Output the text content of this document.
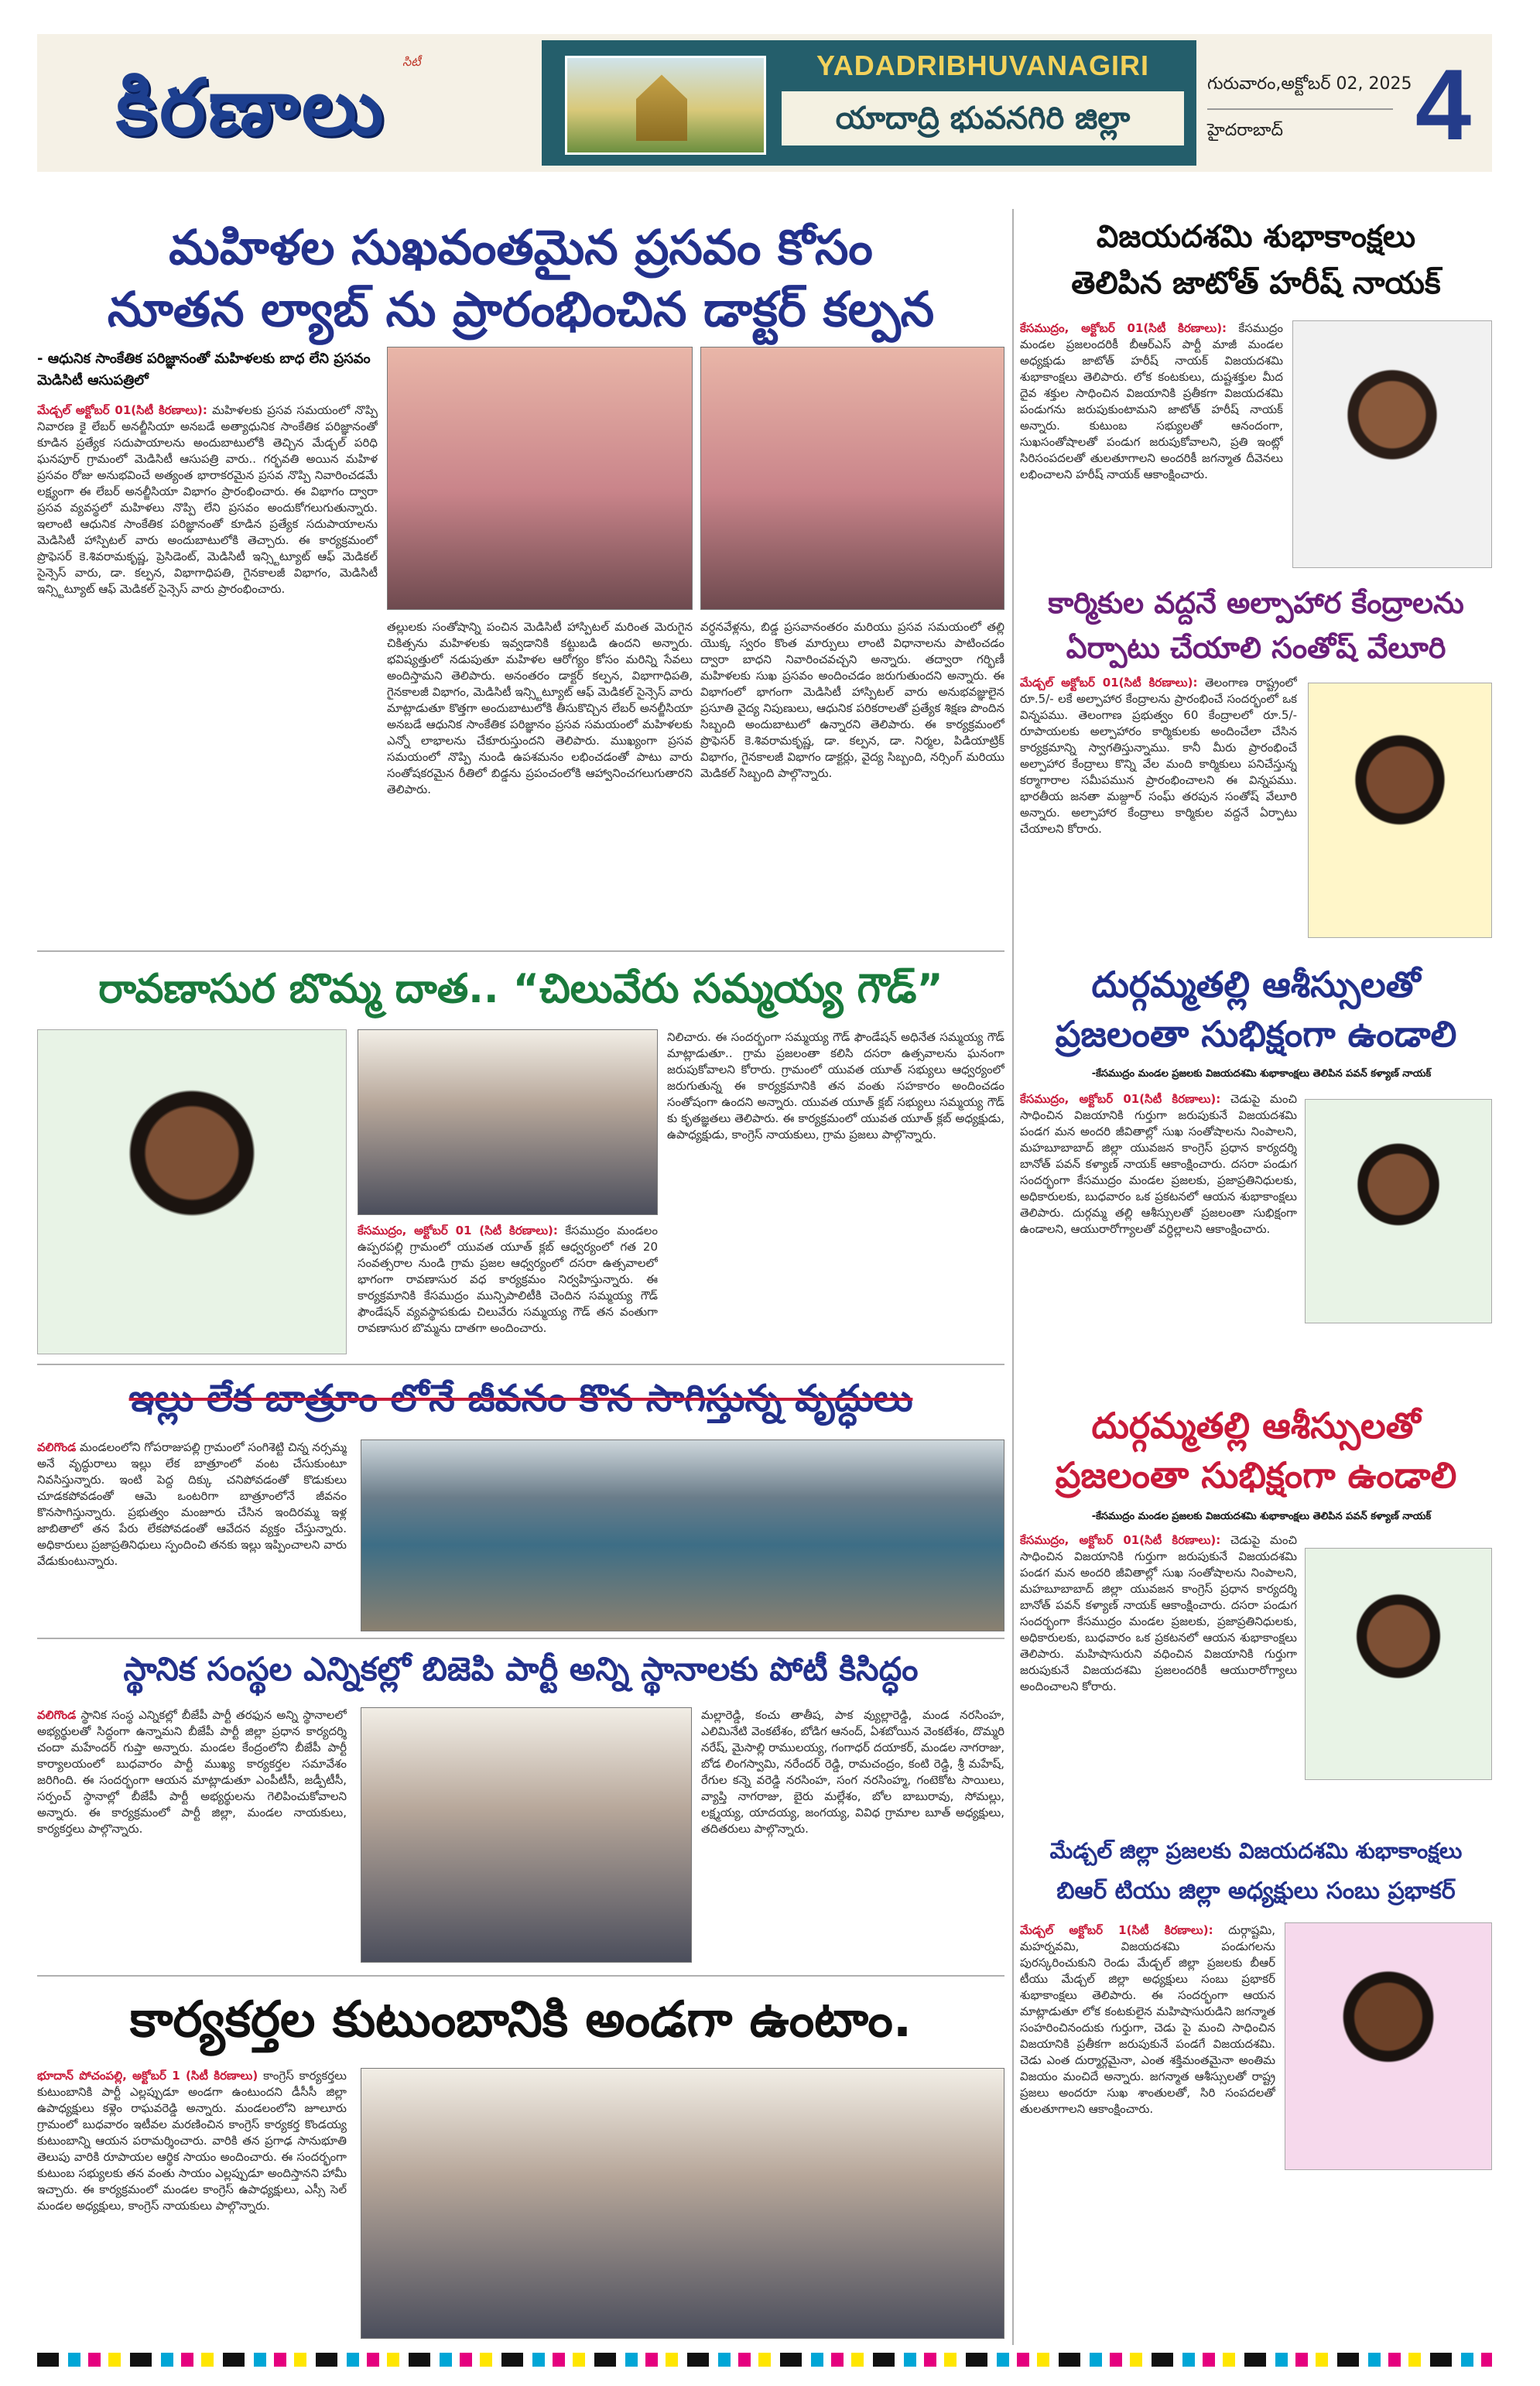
కిరణాలు	సిటీ	YADADRIBHUVANAGIRI
యాదాద్రి భువనగిరి జిల్లా
గురువారం,అక్టోబర్ 02, 2025
హైదరాబాద్ 4
మహిళల సుఖవంతమైన ప్రసవం కోసం
నూతన ల్యాబ్ ను ప్రారంభించిన డాక్టర్ కల్పన
- ఆధునిక సాంకేతిక పరిజ్ఞానంతో మహిళలకు బాధ లేని ప్రసవం మెడిసిటీ ఆసుపత్రిలో
మేడ్చల్ అక్టోబర్ 01(సిటీ కిరణాలు): మహిళలకు ప్రసవ సమయంలో నొప్పి నివారణ కై లేబర్ అనల్జీసియా అనబడే అత్యాధునిక సాంకేతిక పరిజ్ఞానంతో కూడిన ప్రత్యేక సదుపాయాలను అందుబాటులోకి తెచ్చిన మేడ్చల్ పరిధి ఘనపూర్ గ్రామంలో మెడిసిటీ ఆసుపత్రి వారు.. గర్భవతి అయిన మహిళ ప్రసవం రోజు అనుభవించే అత్యంత భారాకరమైన ప్రసవ నొప్పి నివారించడమే లక్ష్యంగా ఈ లేబర్ అనల్జీసియా విభాగం ప్రారంభించారు. ఈ విభాగం ద్వారా ప్రసవ వ్యవస్థలో మహిళలు నొప్పి లేని ప్రసవం అందుకోగలుగుతున్నారు. ఇలాంటి ఆధునిక సాంకేతిక పరిజ్ఞానంతో కూడిన ప్రత్యేక సదుపాయాలను మెడిసిటీ హాస్పిటల్ వారు అందుబాటులోకి తెచ్చారు. ఈ కార్యక్రమంలో ప్రొఫెసర్ కె.శివరామకృష్ణ, ప్రెసిడెంట్, మెడిసిటీ ఇన్స్టిట్యూట్ ఆఫ్ మెడికల్ సైన్సెస్ వారు, డా. కల్పన, విభాగాధిపతి, గైనకాలజీ విభాగం, మెడిసిటీ ఇన్స్టిట్యూట్ ఆఫ్ మెడికల్ సైన్సెస్ వారు ప్రారంభించారు.
తల్లులకు సంతోషాన్ని పంచిన మెడిసిటీ హాస్పిటల్ మరింత మెరుగైన చికిత్సను మహిళలకు ఇవ్వడానికి కట్టుబడి ఉందని అన్నారు. భవిష్యత్తులో నడుపుతూ మహిళల ఆరోగ్యం కోసం మరిన్ని సేవలు అందిస్తామని తెలిపారు. అనంతరం డాక్టర్ కల్పన, విభాగాధిపతి, గైనకాలజీ విభాగం, మెడిసిటీ ఇన్స్టిట్యూట్ ఆఫ్ మెడికల్ సైన్సెస్ వారు మాట్లాడుతూ కొత్తగా అందుబాటులోకి తీసుకొచ్చిన లేబర్ అనల్జీసియా అనబడే ఆధునిక సాంకేతిక పరిజ్ఞానం ప్రసవ సమయంలో మహిళలకు ఎన్నో లాభాలను చేకూరుస్తుందని తెలిపారు. ముఖ్యంగా ప్రసవ సమయంలో నొప్పి నుండి ఉపశమనం లభించడంతో పాటు వారు సంతోషకరమైన రీతిలో బిడ్డను ప్రపంచంలోకి ఆహ్వానించగలుగుతారని తెలిపారు.
వర్ధనవేళ్లను, బిడ్డ ప్రసవానంతరం మరియు ప్రసవ సమయంలో తల్లి యొక్క స్వరం కొంత మార్పులు లాంటి విధానాలను పాటించడం ద్వారా బాధని నివారించవచ్చని అన్నారు. తద్వారా గర్భిణీ మహిళలకు సుఖ ప్రసవం అందించడం జరుగుతుందని అన్నారు. ఈ విభాగంలో భాగంగా మెడిసిటీ హాస్పిటల్ వారు అనుభవజ్ఞులైన ప్రసూతి వైద్య నిపుణులు, ఆధునిక పరికరాలతో ప్రత్యేక శిక్షణ పొందిన సిబ్బంది అందుబాటులో ఉన్నారని తెలిపారు. ఈ కార్యక్రమంలో ప్రొఫెసర్ కె.శివరామకృష్ణ, డా. కల్పన, డా. నిర్మల, పిడియాట్రిక్ విభాగం, గైనకాలజీ విభాగం డాక్టర్లు, వైద్య సిబ్బంది, నర్సింగ్ మరియు మెడికల్ సిబ్బంది పాల్గొన్నారు.
విజయదశమి శుభాకాంక్షలు
తెలిపిన జాటోత్ హరీష్ నాయక్
కేసముద్రం, అక్టోబర్ 01(సిటీ కిరణాలు): కేసముద్రం మండల ప్రజలందరికీ బీఆర్ఎస్ పార్టీ మాజీ మండల అధ్యక్షుడు జాటోత్ హరీష్ నాయక్ విజయదశమి శుభాకాంక్షలు తెలిపారు. లోక కంటకులు, దుష్టశక్తుల మీద దైవ శక్తుల సాధించిన విజయానికి ప్రతీకగా విజయదశమి పండుగను జరుపుకుంటామని జాటోత్ హరీష్ నాయక్ అన్నారు. కుటుంబ సభ్యులతో ఆనందంగా, సుఖసంతోషాలతో పండుగ జరుపుకోవాలని, ప్రతి ఇంట్లో సిరిసంపదలతో తులతూగాలని అందరికీ జగన్మాత దీవెనలు లభించాలని హరీష్ నాయక్ ఆకాంక్షించారు.
కార్మికుల వద్దనే అల్పాహార కేంద్రాలను
ఏర్పాటు చేయాలి సంతోష్ వేలూరి
మేడ్చల్ అక్టోబర్ 01(సిటీ కిరణాలు): తెలంగాణ రాష్ట్రంలో రూ.5/- లకే అల్పాహార కేంద్రాలను ప్రారంభించే సందర్భంలో ఒక విన్నపము. తెలంగాణ ప్రభుత్వం 60 కేంద్రాలలో రూ.5/- రూపాయలకు అల్పాహారం కార్మికులకు అందించేలా చేసిన కార్యక్రమాన్ని స్వాగతిస్తున్నాము. కానీ మీరు ప్రారంభించే అల్పాహార కేంద్రాలు కొన్ని వేల మంది కార్మికులు పనిచేస్తున్న కర్మాగారాల సమీపమున ప్రారంభించాలని ఈ విన్నపము. భారతీయ జనతా మజ్దూర్ సంఘ్ తరపున సంతోష్ వేలూరి అన్నారు. అల్పాహార కేంద్రాలు కార్మికుల వద్దనే ఏర్పాటు చేయాలని కోరారు.
రావణాసుర బొమ్మ దాత.. “చిలువేరు సమ్మయ్య గౌడ్”
కేసముద్రం, అక్టోబర్ 01 (సిటీ కిరణాలు): కేసముద్రం మండలం ఉప్పరపల్లి గ్రామంలో యువత యూత్ క్లబ్ ఆధ్వర్యంలో గత 20 సంవత్సరాల నుండి గ్రామ ప్రజల ఆధ్వర్యంలో దసరా ఉత్సవాలలో భాగంగా రావణాసుర వధ కార్యక్రమం నిర్వహిస్తున్నారు. ఈ కార్యక్రమానికి కేసముద్రం మున్సిపాలిటీకి చెందిన సమ్మయ్య గౌడ్ ఫౌండేషన్ వ్యవస్థాపకుడు చిలువేరు సమ్మయ్య గౌడ్ తన వంతుగా రావణాసుర బొమ్మను దాతగా అందించారు.
నిలిచారు. ఈ సందర్భంగా సమ్మయ్య గౌడ్ ఫౌండేషన్ అధినేత సమ్మయ్య గౌడ్ మాట్లాడుతూ.. గ్రామ ప్రజలంతా కలిసి దసరా ఉత్సవాలను ఘనంగా జరుపుకోవాలని కోరారు. గ్రామంలో యువత యూత్ సభ్యులు ఆధ్వర్యంలో జరుగుతున్న ఈ కార్యక్రమానికి తన వంతు సహకారం అందించడం సంతోషంగా ఉందని అన్నారు. యువత యూత్ క్లబ్ సభ్యులు సమ్మయ్య గౌడ్ కు కృతజ్ఞతలు తెలిపారు. ఈ కార్యక్రమంలో యువత యూత్ క్లబ్ అధ్యక్షుడు, ఉపాధ్యక్షుడు, కాంగ్రెస్ నాయకులు, గ్రామ ప్రజలు పాల్గొన్నారు.
దుర్గమ్మతల్లి ఆశీస్సులతో
ప్రజలంతా సుభిక్షంగా ఉండాలి
-కేసముద్రం మండల ప్రజలకు విజయదశమి శుభాకాంక్షలు తెలిపిన పవన్ కళ్యాణ్ నాయక్
కేసముద్రం, అక్టోబర్ 01(సిటీ కిరణాలు): చెడుపై మంచి సాధించిన విజయానికి గుర్తుగా జరుపుకునే విజయదశమి పండగ మన అందరి జీవితాల్లో సుఖ సంతోషాలను నింపాలని, మహబూబాబాద్ జిల్లా యువజన కాంగ్రెస్ ప్రధాన కార్యదర్శి బానోత్ పవన్ కళ్యాణ్ నాయక్ ఆకాంక్షించారు. దసరా పండుగ సందర్భంగా కేసముద్రం మండల ప్రజలకు, ప్రజాప్రతినిధులకు, అధికారులకు, బుధవారం ఒక ప్రకటనలో ఆయన శుభాకాంక్షలు తెలిపారు. దుర్గమ్మ తల్లి ఆశీస్సులతో ప్రజలంతా సుభిక్షంగా ఉండాలని, ఆయురారోగ్యాలతో వర్ధిల్లాలని ఆకాంక్షించారు.
ఇల్లు లేక బాత్రూం లోనే జీవనం కొన సాగిస్తున్న వృద్ధులు
వలిగొండ మండలంలోని గోపరాజుపల్లి గ్రామంలో సంగిశెట్టి చిన్న నర్సమ్మ అనే వృద్ధురాలు ఇల్లు లేక బాత్రూంలో వంట చేసుకుంటూ నివసిస్తున్నారు. ఇంటి పెద్ద దిక్కు చనిపోవడంతో కొడుకులు చూడకపోవడంతో ఆమె ఒంటరిగా బాత్రూంలోనే జీవనం కొనసాగిస్తున్నారు. ప్రభుత్వం మంజూరు చేసిన ఇందిరమ్మ ఇళ్ల జాబితాలో తన పేరు లేకపోవడంతో ఆవేదన వ్యక్తం చేస్తున్నారు. అధికారులు ప్రజాప్రతినిధులు స్పందించి తనకు ఇల్లు ఇప్పించాలని వారు వేడుకుంటున్నారు.
దుర్గమ్మతల్లి ఆశీస్సులతో
ప్రజలంతా సుభిక్షంగా ఉండాలి
-కేసముద్రం మండల ప్రజలకు విజయదశమి శుభాకాంక్షలు తెలిపిన పవన్ కళ్యాణ్ నాయక్
కేసముద్రం, అక్టోబర్ 01(సిటీ కిరణాలు): చెడుపై మంచి సాధించిన విజయానికి గుర్తుగా జరుపుకునే విజయదశమి పండగ మన అందరి జీవితాల్లో సుఖ సంతోషాలను నింపాలని, మహబూబాబాద్ జిల్లా యువజన కాంగ్రెస్ ప్రధాన కార్యదర్శి బానోత్ పవన్ కళ్యాణ్ నాయక్ ఆకాంక్షించారు. దసరా పండుగ సందర్భంగా కేసముద్రం మండల ప్రజలకు, ప్రజాప్రతినిధులకు, అధికారులకు, బుధవారం ఒక ప్రకటనలో ఆయన శుభాకాంక్షలు తెలిపారు. మహిషాసురుని వధించిన విజయానికి గుర్తుగా జరుపుకునే విజయదశమి ప్రజలందరికీ ఆయురారోగ్యాలు అందించాలని కోరారు.
స్థానిక సంస్థల ఎన్నికల్లో బిజెపి పార్టీ అన్ని స్థానాలకు పోటీ కిసిద్ధం
వలిగొండ స్థానిక సంస్థ ఎన్నికల్లో బీజేపీ పార్టీ తరఫున అన్ని స్థానాలలో అభ్యర్థులతో సిద్ధంగా ఉన్నామని బీజేపీ పార్టీ జిల్లా ప్రధాన కార్యదర్శి చందా మహేందర్ గుప్తా అన్నారు. మండల కేంద్రంలోని బీజేపీ పార్టీ కార్యాలయంలో బుధవారం పార్టీ ముఖ్య కార్యకర్తల సమావేశం జరిగింది. ఈ సందర్భంగా ఆయన మాట్లాడుతూ ఎంపీటీసీ, జడ్పీటీసీ, సర్పంచ్ స్థానాల్లో బీజేపీ పార్టీ అభ్యర్థులను గెలిపించుకోవాలని అన్నారు. ఈ కార్యక్రమంలో పార్టీ జిల్లా, మండల నాయకులు, కార్యకర్తలు పాల్గొన్నారు.
మల్లారెడ్డి, కంచు తాతీష, పాక వ్యుల్లారెడ్డి, మండ నరసింహ, ఎలిమినేటి వెంకటేశం, బోడిగ ఆనంద్, ఏశబోయిన వెంకటేశం, దొమ్మరి నరేష్, మైసాల్లి రాములయ్య, గంగాధర్ దయాకర్, మండల నాగరాజు, బోడ లింగస్వామి, నరేందర్ రెడ్డి, రామచంద్రం, కంటి రెడ్డి, శ్రీ మహేష్, రేగుల కన్నె వరెడ్డి నరసింహ, సంగ నరసింహ్మ, గంటెకోట సాయిలు, వ్యాప్తి నాగరాజు, బైరు మల్లేశం, బోల బాబురావు, సోమల్లు, లక్ష్మయ్య, యాదయ్య, జంగయ్య, వివిధ గ్రామాల బూత్ అధ్యక్షులు, తదితరులు పాల్గొన్నారు.
మేడ్చల్ జిల్లా ప్రజలకు విజయదశమి శుభాకాంక్షలు
బిఆర్ టియు జిల్లా అధ్యక్షులు సంబు ప్రభాకర్
మేడ్చల్ అక్టోబర్ 1(సిటీ కిరణాలు): దుర్గాష్టమి, మహర్నవమి, విజయదశమి పండుగలను పురస్కరించుకుని రెండు మేడ్చల్ జిల్లా ప్రజలకు బీఆర్ టీయు మేడ్చల్ జిల్లా అధ్యక్షులు సంబు ప్రభాకర్ శుభాకాంక్షలు తెలిపారు. ఈ సందర్భంగా ఆయన మాట్లాడుతూ లోక కంటకులైన మహిషాసురుడిని జగన్మాత సంహరించినందుకు గుర్తుగా, చెడు పై మంచి సాధించిన విజయానికి ప్రతీకగా జరుపుకునే పండగే విజయదశమి. చెడు ఎంత దుర్మార్గమైనా, ఎంత శక్తిమంతమైనా అంతిమ విజయం మంచిదే అన్నారు. జగన్మాత ఆశీస్సులతో రాష్ట్ర ప్రజలు అందరూ సుఖ శాంతులతో, సిరి సంపదలతో తులతూగాలని ఆకాంక్షించారు.
కార్యకర్తల కుటుంబానికి అండగా ఉంటాం.
భూదాన్ పోచంపల్లి, అక్టోబర్ 1 (సిటీ కిరణాలు) కాంగ్రెస్ కార్యకర్తలు కుటుంబానికి పార్టీ ఎల్లప్పుడూ అండగా ఉంటుందని డీసీసీ జిల్లా ఉపాధ్యక్షులు కళ్లెం రాఘవరెడ్డి అన్నారు. మండలంలోని జూలూరు గ్రామంలో బుధవారం ఇటీవల మరణించిన కాంగ్రెస్ కార్యకర్త కొండయ్య కుటుంబాన్ని ఆయన పరామర్శించారు. వారికి తన ప్రగాఢ సానుభూతి తెలుపు వారికి రూపాయల ఆర్థిక సాయం అందించారు. ఈ సందర్భంగా కుటుంబ సభ్యులకు తన వంతు సాయం ఎల్లప్పుడూ అందిస్తానని హామీ ఇచ్చారు. ఈ కార్యక్రమంలో మండల కాంగ్రెస్ ఉపాధ్యక్షులు, ఎస్సీ సెల్ మండల అధ్యక్షులు, కాంగ్రెస్ నాయకులు పాల్గొన్నారు.
